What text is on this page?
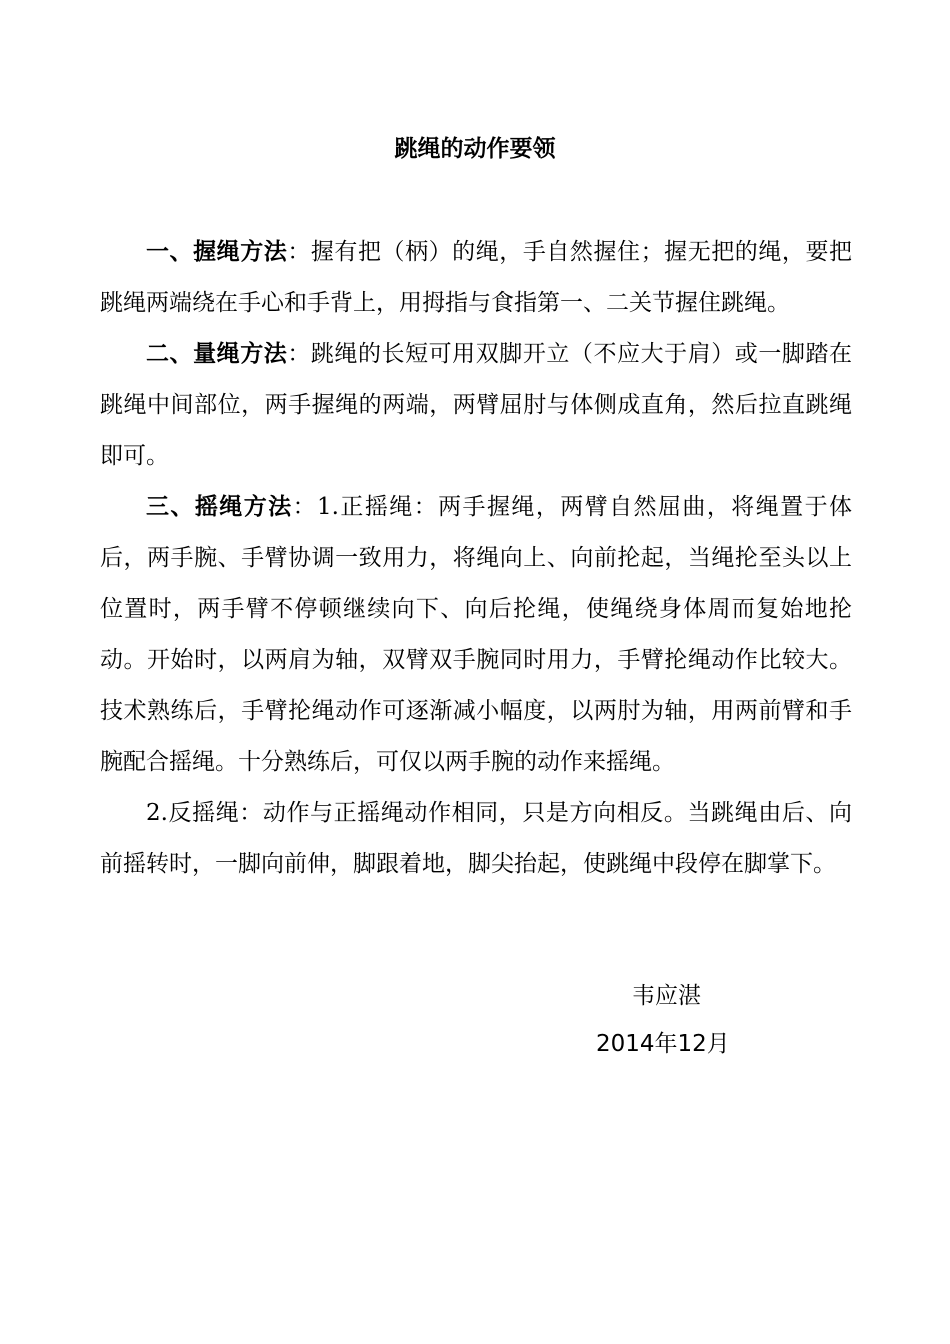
跳绳的动作要领

一、握绳方法：握有把（柄）的绳，手自然握住；握无把的绳，要把跳绳两端绕在手心和手背上，用拇指与食指第一、二关节握住跳绳。

二、量绳方法：跳绳的长短可用双脚开立（不应大于肩）或一脚踏在跳绳中间部位，两手握绳的两端，两臂屈肘与体侧成直角，然后拉直跳绳即可。

三、摇绳方法：1.正摇绳：两手握绳，两臂自然屈曲，将绳置于体后，两手腕、手臂协调一致用力，将绳向上、向前抡起，当绳抡至头以上位置时，两手臂不停顿继续向下、向后抡绳，使绳绕身体周而复始地抡动。开始时，以两肩为轴，双臂双手腕同时用力，手臂抡绳动作比较大。技术熟练后，手臂抡绳动作可逐渐减小幅度，以两肘为轴，用两前臂和手腕配合摇绳。十分熟练后，可仅以两手腕的动作来摇绳。

2.反摇绳：动作与正摇绳动作相同，只是方向相反。当跳绳由后、向前摇转时，一脚向前伸，脚跟着地，脚尖抬起，使跳绳中段停在脚掌下。

韦应湛
2014年12月
